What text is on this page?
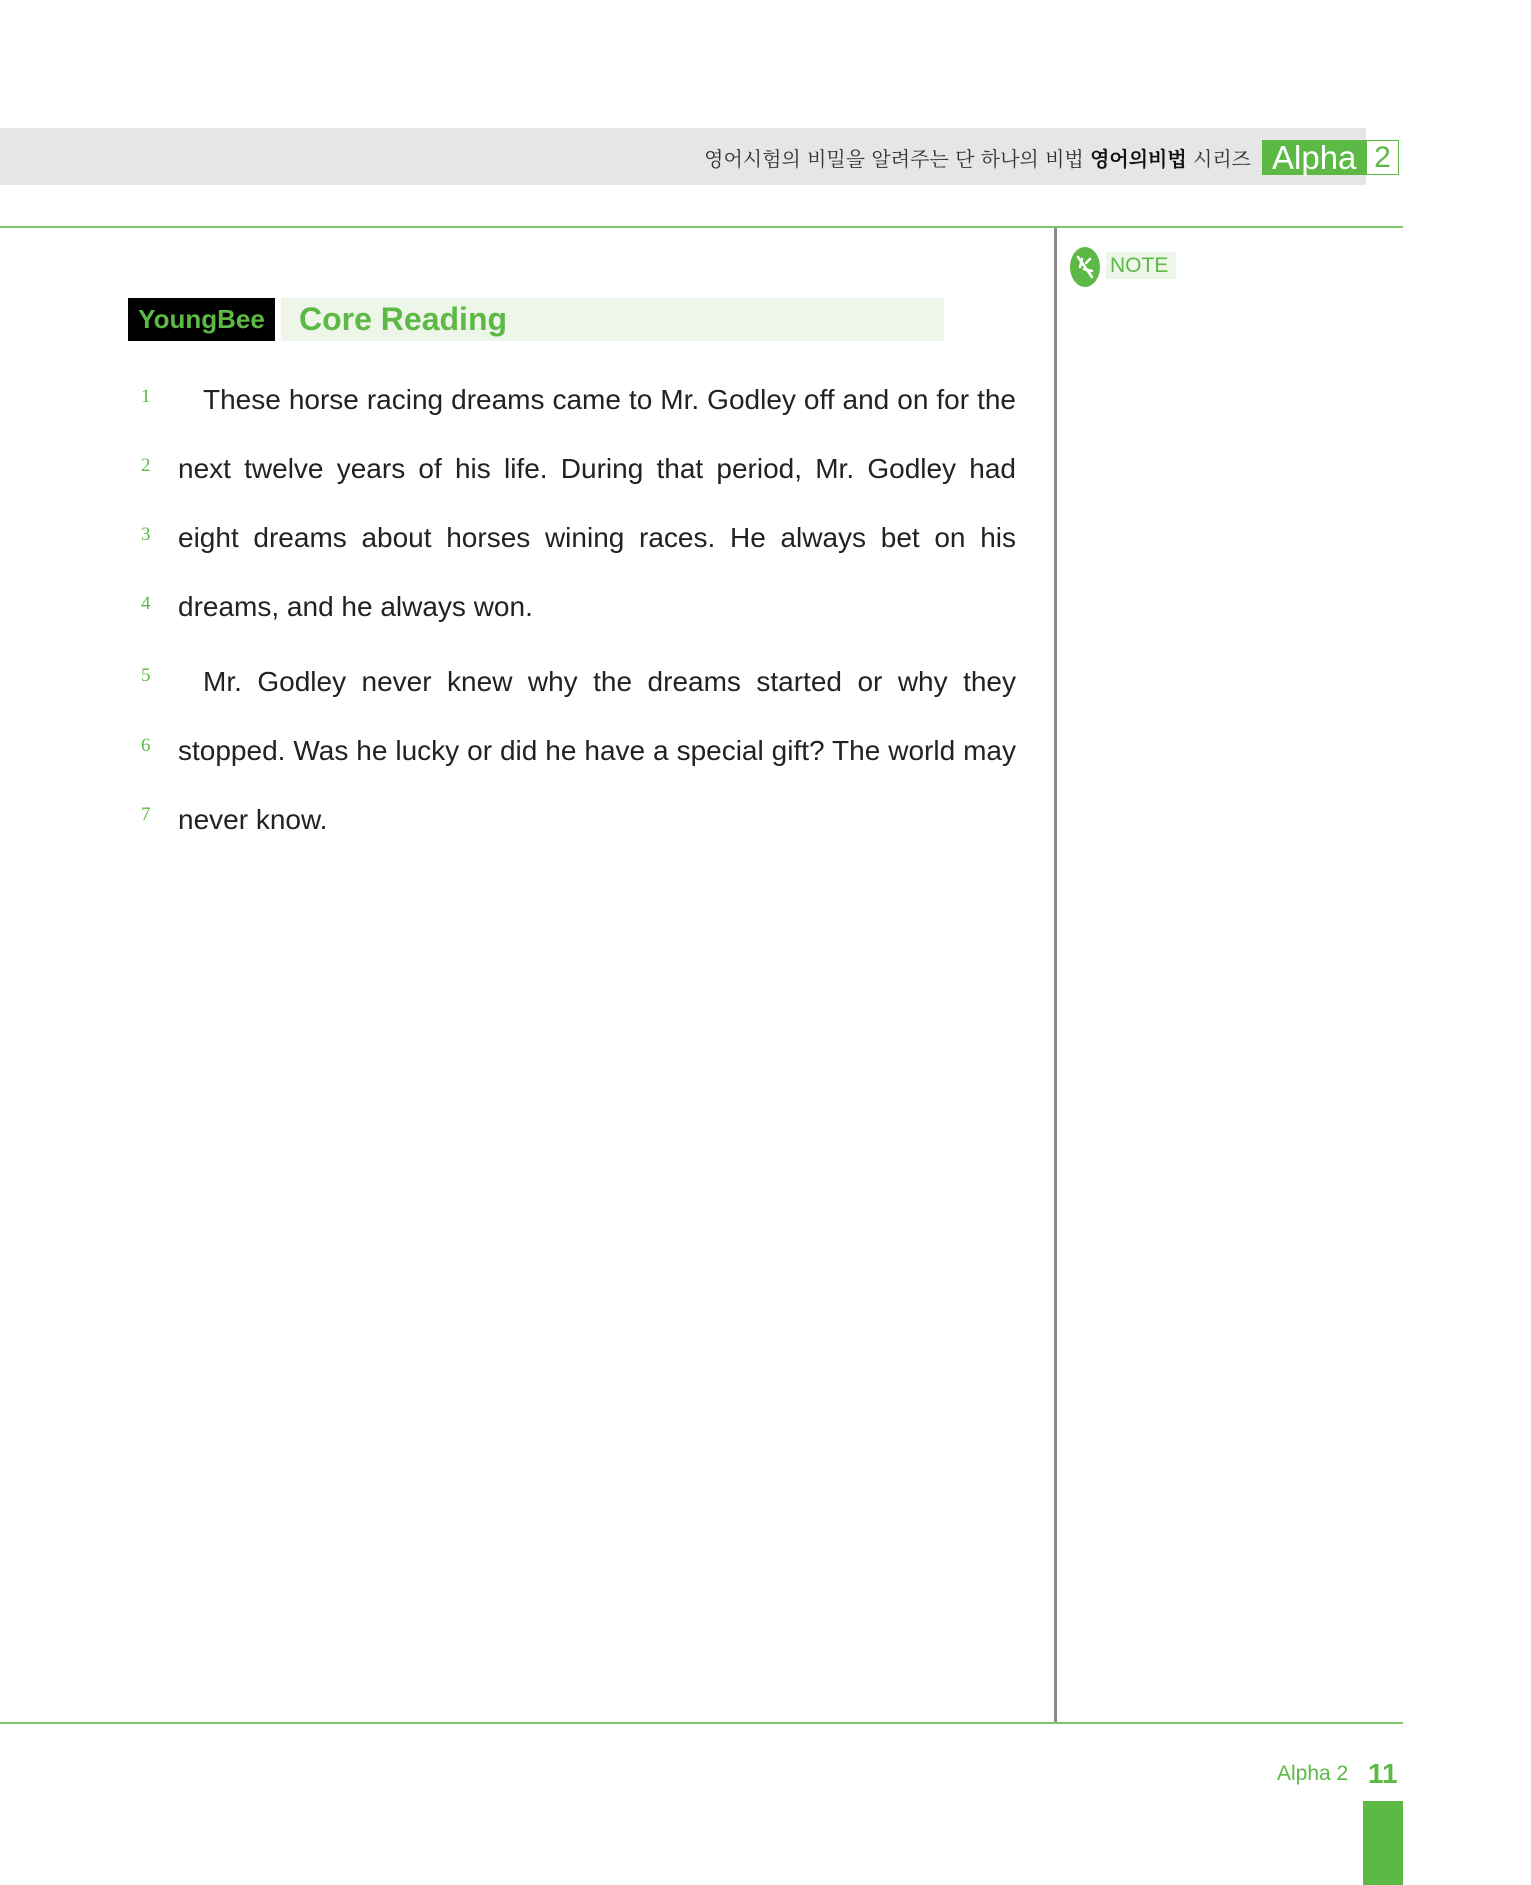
영어시험의 비밀을 알려주는 단 하나의 비법 영어의비법 시리즈 Alpha 2
NOTE
YoungBee	Core Reading
1	These horse racing dreams came to Mr. Godley off and on for the
2 next twelve years of his life. During that period, Mr. Godley had
3 eight dreams about horses wining races. He always bet on his
4 dreams, and he always won.
5	Mr. Godley never knew why the dreams started or why they
6 stopped. Was he lucky or did he have a special gift? The world may
7 never know.
Alpha 2 11
